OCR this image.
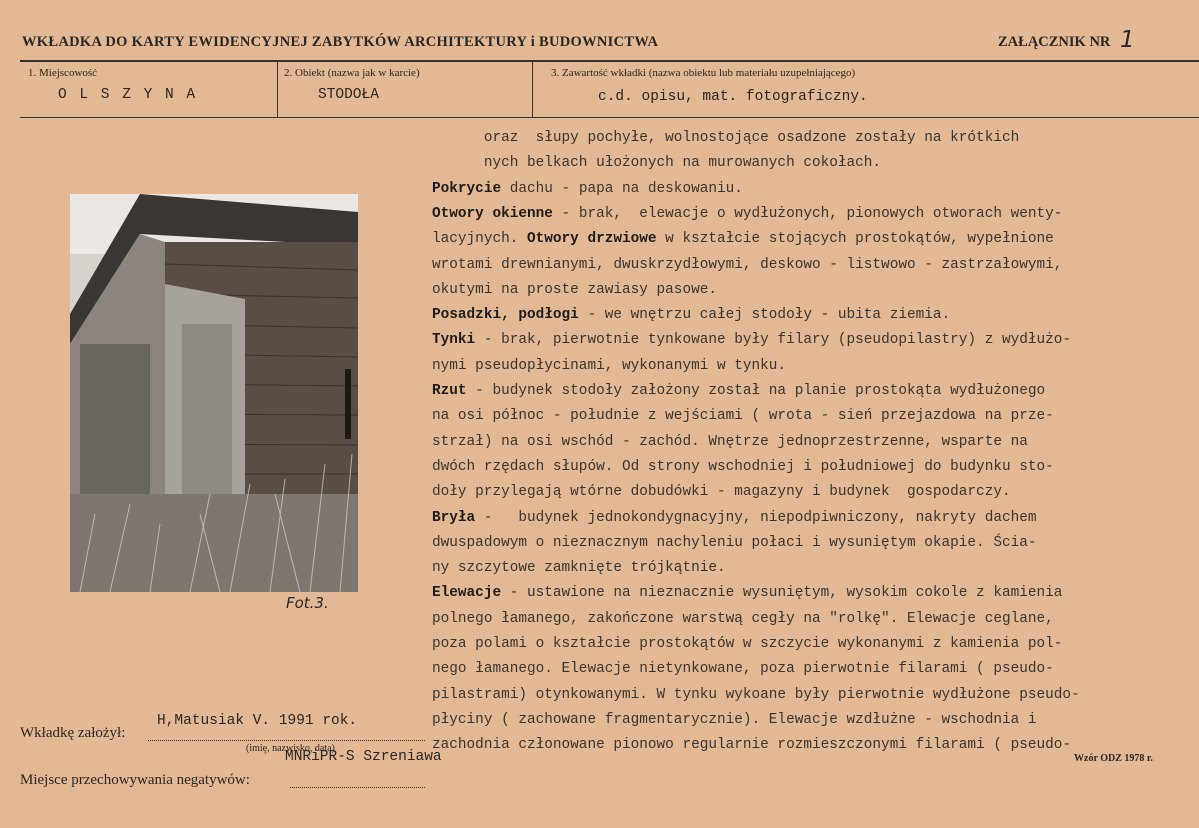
WKŁADKA DO KARTY EWIDENCYJNEJ ZABYTKÓW ARCHITEKTURY i BUDOWNICTWA	ZAŁĄCZNIK NR 1
1. Miejscowość
O L S Z Y N A
2. Obiekt (nazwa jak w karcie)
STODOŁA
3. Zawartość wkładki (nazwa obiektu lub materiału uzupełniającego)
c.d. opisu, mat. fotograficzny.
Fot.3.
oraz  słupy pochyłe, wolnostojące osadzone zostały na krótkich
nych belkach ułożonych na murowanych cokołach.
Pokrycie dachu - papa na deskowaniu.
Otwory okienne - brak,  elewacje o wydłużonych, pionowych otworach wenty-
lacyjnych. Otwory drzwiowe w kształcie stojących prostokątów, wypełnione
wrotami drewnianymi, dwuskrzydłowymi, deskowo - listwowo - zastrzałowymi,
okutymi na proste zawiasy pasowe.
Posadzki, podłogi - we wnętrzu całej stodoły - ubita ziemia.
Tynki - brak, pierwotnie tynkowane były filary (pseudopilastry) z wydłużo-
nymi pseudopłycinami, wykonanymi w tynku.
Rzut - budynek stodoły założony został na planie prostokąta wydłużonego
na osi północ - południe z wejściami ( wrota - sień przejazdowa na prze-
strzał) na osi wschód - zachód. Wnętrze jednoprzestrzenne, wsparte na
dwóch rzędach słupów. Od strony wschodniej i południowej do budynku sto-
doły przylegają wtórne dobudówki - magazyny i budynek  gospodarczy.
Bryła -   budynek jednokondygnacyjny, niepodpiwniczony, nakryty dachem
dwuspadowym o nieznacznym nachyleniu połaci i wysuniętym okapie. Ścia-
ny szczytowe zamknięte trójkątnie.
Elewacje - ustawione na nieznacznie wysuniętym, wysokim cokole z kamienia
polnego łamanego, zakończone warstwą cegły na "rolkę". Elewacje ceglane,
poza polami o kształcie prostokątów w szczycie wykonanymi z kamienia pol-
nego łamanego. Elewacje nietynkowane, poza pierwotnie filarami ( pseudo-
pilastrami) otynkowanymi. W tynku wykoane były pierwotnie wydłużone pseudo-
płyciny ( zachowane fragmentarycznie). Elewacje wzdłużne - wschodnia i
zachodnia członowane pionowo regularnie rozmieszczonymi filarami ( pseudo-
Wkładkę założył:
H,Matusiak V. 1991 rok.
(imię, nazwisko, data)
Miejsce przechowywania negatywów:
MNRiPR-S Szreniawa	Wzór ODZ 1978 r.
